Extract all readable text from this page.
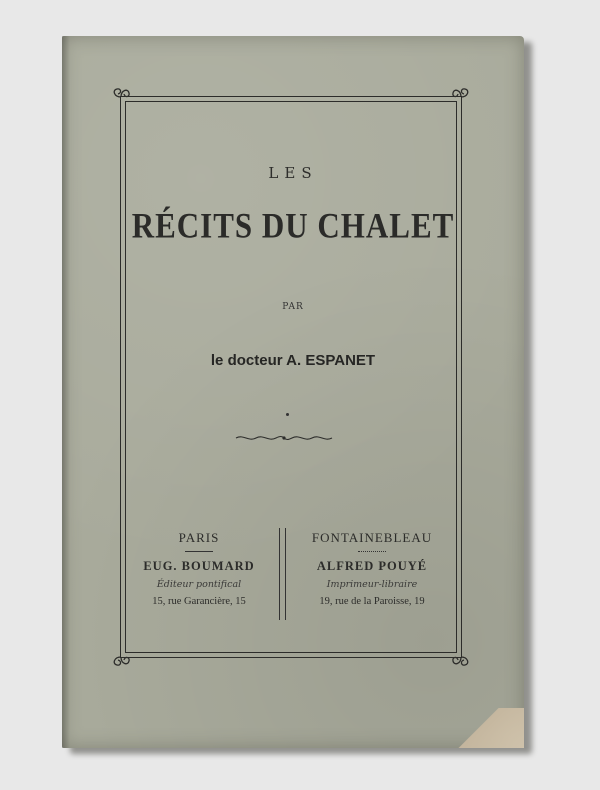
LES
RÉCITS DU CHALET
PAR
le docteur A. ESPANET
PARIS
EUG. BOUMARD
Éditeur pontifical
15, rue Garancière, 15
FONTAINEBLEAU
ALFRED POUYÉ
Imprimeur-libraire
19, rue de la Paroisse, 19
